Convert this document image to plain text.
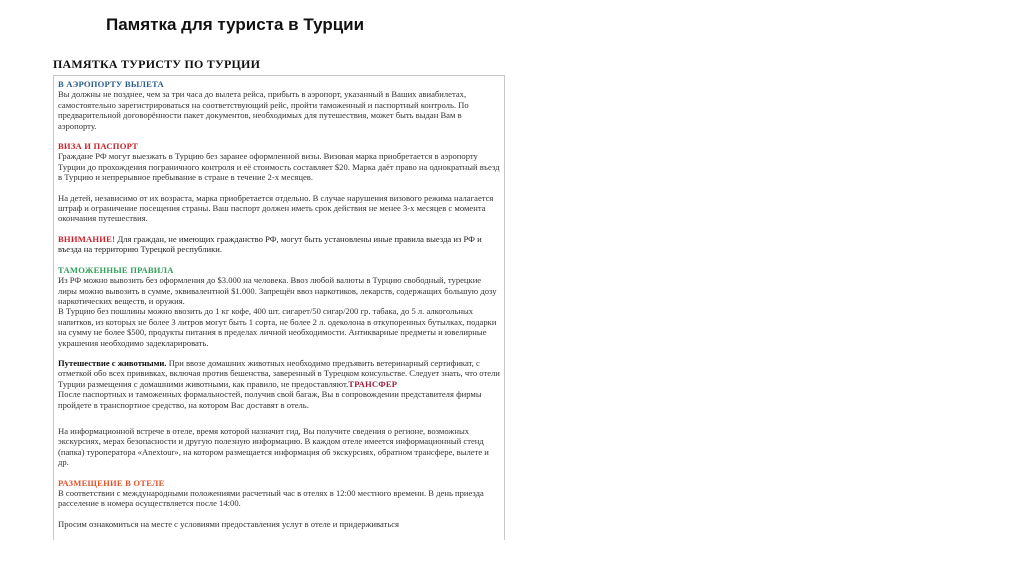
Памятка для туриста в Турции
ПАМЯТКА ТУРИСТУ ПО ТУРЦИИ
В АЭРОПОРТУ ВЫЛЕТА

Вы должны не позднее, чем за три часа до вылета рейса, прибыть в аэропорт, указанный в Ваших авиабилетах, самостоятельно зарегистрироваться на соответствующий рейс, пройти таможенный и паспортный контроль. По предварительной договорённости пакет документов, необходимых для путешествия, может быть выдан Вам в аэропорту.

ВИЗА И ПАСПОРТ

Граждане РФ могут выезжать в Турцию без заранее оформленной визы. Визовая марка приобретается в аэропорту Турции до прохождения пограничного контроля и её стоимость составляет $20. Марка даёт право на однократный въезд в Турцию и непрерывное пребывание в стране в течение 2-х месяцев.

На детей, независимо от их возраста, марка приобретается отдельно. В случае нарушения визового режима налагается штраф и ограничение посещения страны. Ваш паспорт должен иметь срок действия не менее 3-х месяцев с момента окончания путешествия.

ВНИМАНИЕ! Для граждан, не имеющих гражданство РФ, могут быть установлены иные правила выезда из РФ и въезда на территорию Турецкой республики.

ТАМОЖЕННЫЕ ПРАВИЛА

Из РФ можно вывозить без оформления до $3.000 на человека. Ввоз любой валюты в Турцию свободный, турецкие лиры можно вывозить в сумме, эквивалентной $1.000. Запрещён ввоз наркотиков, лекарств, содержащих большую дозу наркотических веществ, и оружия.

В Турцию без пошлины можно ввозить до 1 кг кофе, 400 шт. сигарет/50 сигар/200 гр. табака, до 5 л. алкогольных напитков, из которых не более 3 литров могут быть 1 сорта, не более 2 л. одеколона в откупоренных бутылках, подарки на сумму не более $500, продукты питания в пределах личной необходимости. Антикварные предметы и ювелирные украшения необходимо задекларировать.

Путешествие с животными. При ввозе домашних животных необходимо предъявить ветеринарный сертификат, с отметкой обо всех прививках, включая против бешенства, заверенный в Турецком консульстве. Следует знать, что отели Турции размещения с домашними животными, как правило, не предоставляют.ТРАНСФЕР

После паспортных и таможенных формальностей, получив свой багаж, Вы в сопровождении представителя фирмы пройдете в транспортное средство, на котором Вас доставят в отель.

На информационной встрече в отеле, время которой назначит гид, Вы получите сведения о регионе, возможных экскурсиях, мерах безопасности и другую полезную информацию. В каждом отеле имеется информационный стенд (папка) туроператора «Anextour», на котором размещается информация об экскурсиях, обратном трансфере, вылете и др.

РАЗМЕЩЕНИЕ В ОТЕЛЕ

В соответствии с международными положениями расчетный час в отелях в 12:00 местного времени. В день приезда расселение в номера осуществляется после 14:00.

Просим ознакомиться на месте с условиями предоставления услут в отеле и придерживаться
